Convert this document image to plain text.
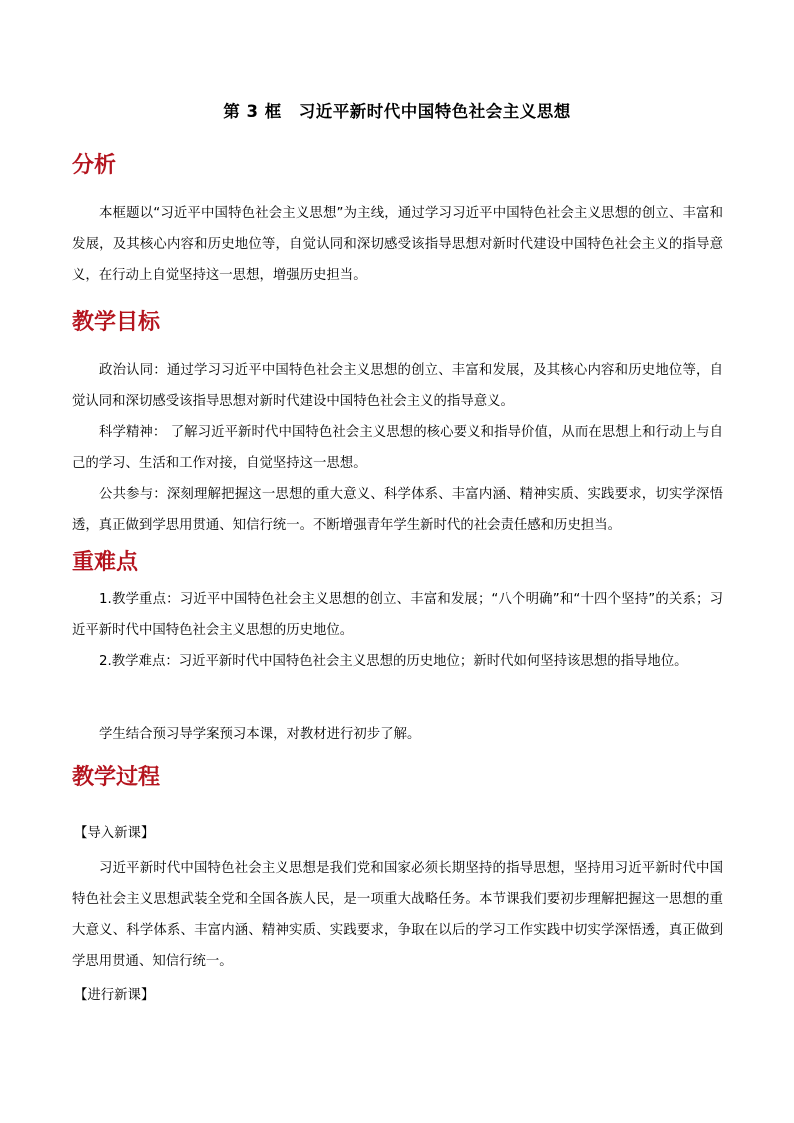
第 3 框　习近平新时代中国特色社会主义思想
分析
本框题以“习近平中国特色社会主义思想”为主线，通过学习习近平中国特色社会主义思想的创立、丰富和发展，及其核心内容和历史地位等，自觉认同和深切感受该指导思想对新时代建设中国特色社会主义的指导意义，在行动上自觉坚持这一思想，增强历史担当。
教学目标
政治认同：通过学习习近平中国特色社会主义思想的创立、丰富和发展，及其核心内容和历史地位等，自觉认同和深切感受该指导思想对新时代建设中国特色社会主义的指导意义。
科学精神： 了解习近平新时代中国特色社会主义思想的核心要义和指导价值，从而在思想上和行动上与自己的学习、生活和工作对接，自觉坚持这一思想。
公共参与：深刻理解把握这一思想的重大意义、科学体系、丰富内涵、精神实质、实践要求，切实学深悟透，真正做到学思用贯通、知信行统一。不断增强青年学生新时代的社会责任感和历史担当。
重难点
1.教学重点：习近平中国特色社会主义思想的创立、丰富和发展；“八个明确”和“十四个坚持”的关系；习近平新时代中国特色社会主义思想的历史地位。
2.教学难点：习近平新时代中国特色社会主义思想的历史地位；新时代如何坚持该思想的指导地位。
学生结合预习导学案预习本课，对教材进行初步了解。
教学过程
【导入新课】
习近平新时代中国特色社会主义思想是我们党和国家必须长期坚持的指导思想，坚持用习近平新时代中国特色社会主义思想武装全党和全国各族人民，是一项重大战略任务。本节课我们要初步理解把握这一思想的重大意义、科学体系、丰富内涵、精神实质、实践要求，争取在以后的学习工作实践中切实学深悟透，真正做到学思用贯通、知信行统一。
【进行新课】
